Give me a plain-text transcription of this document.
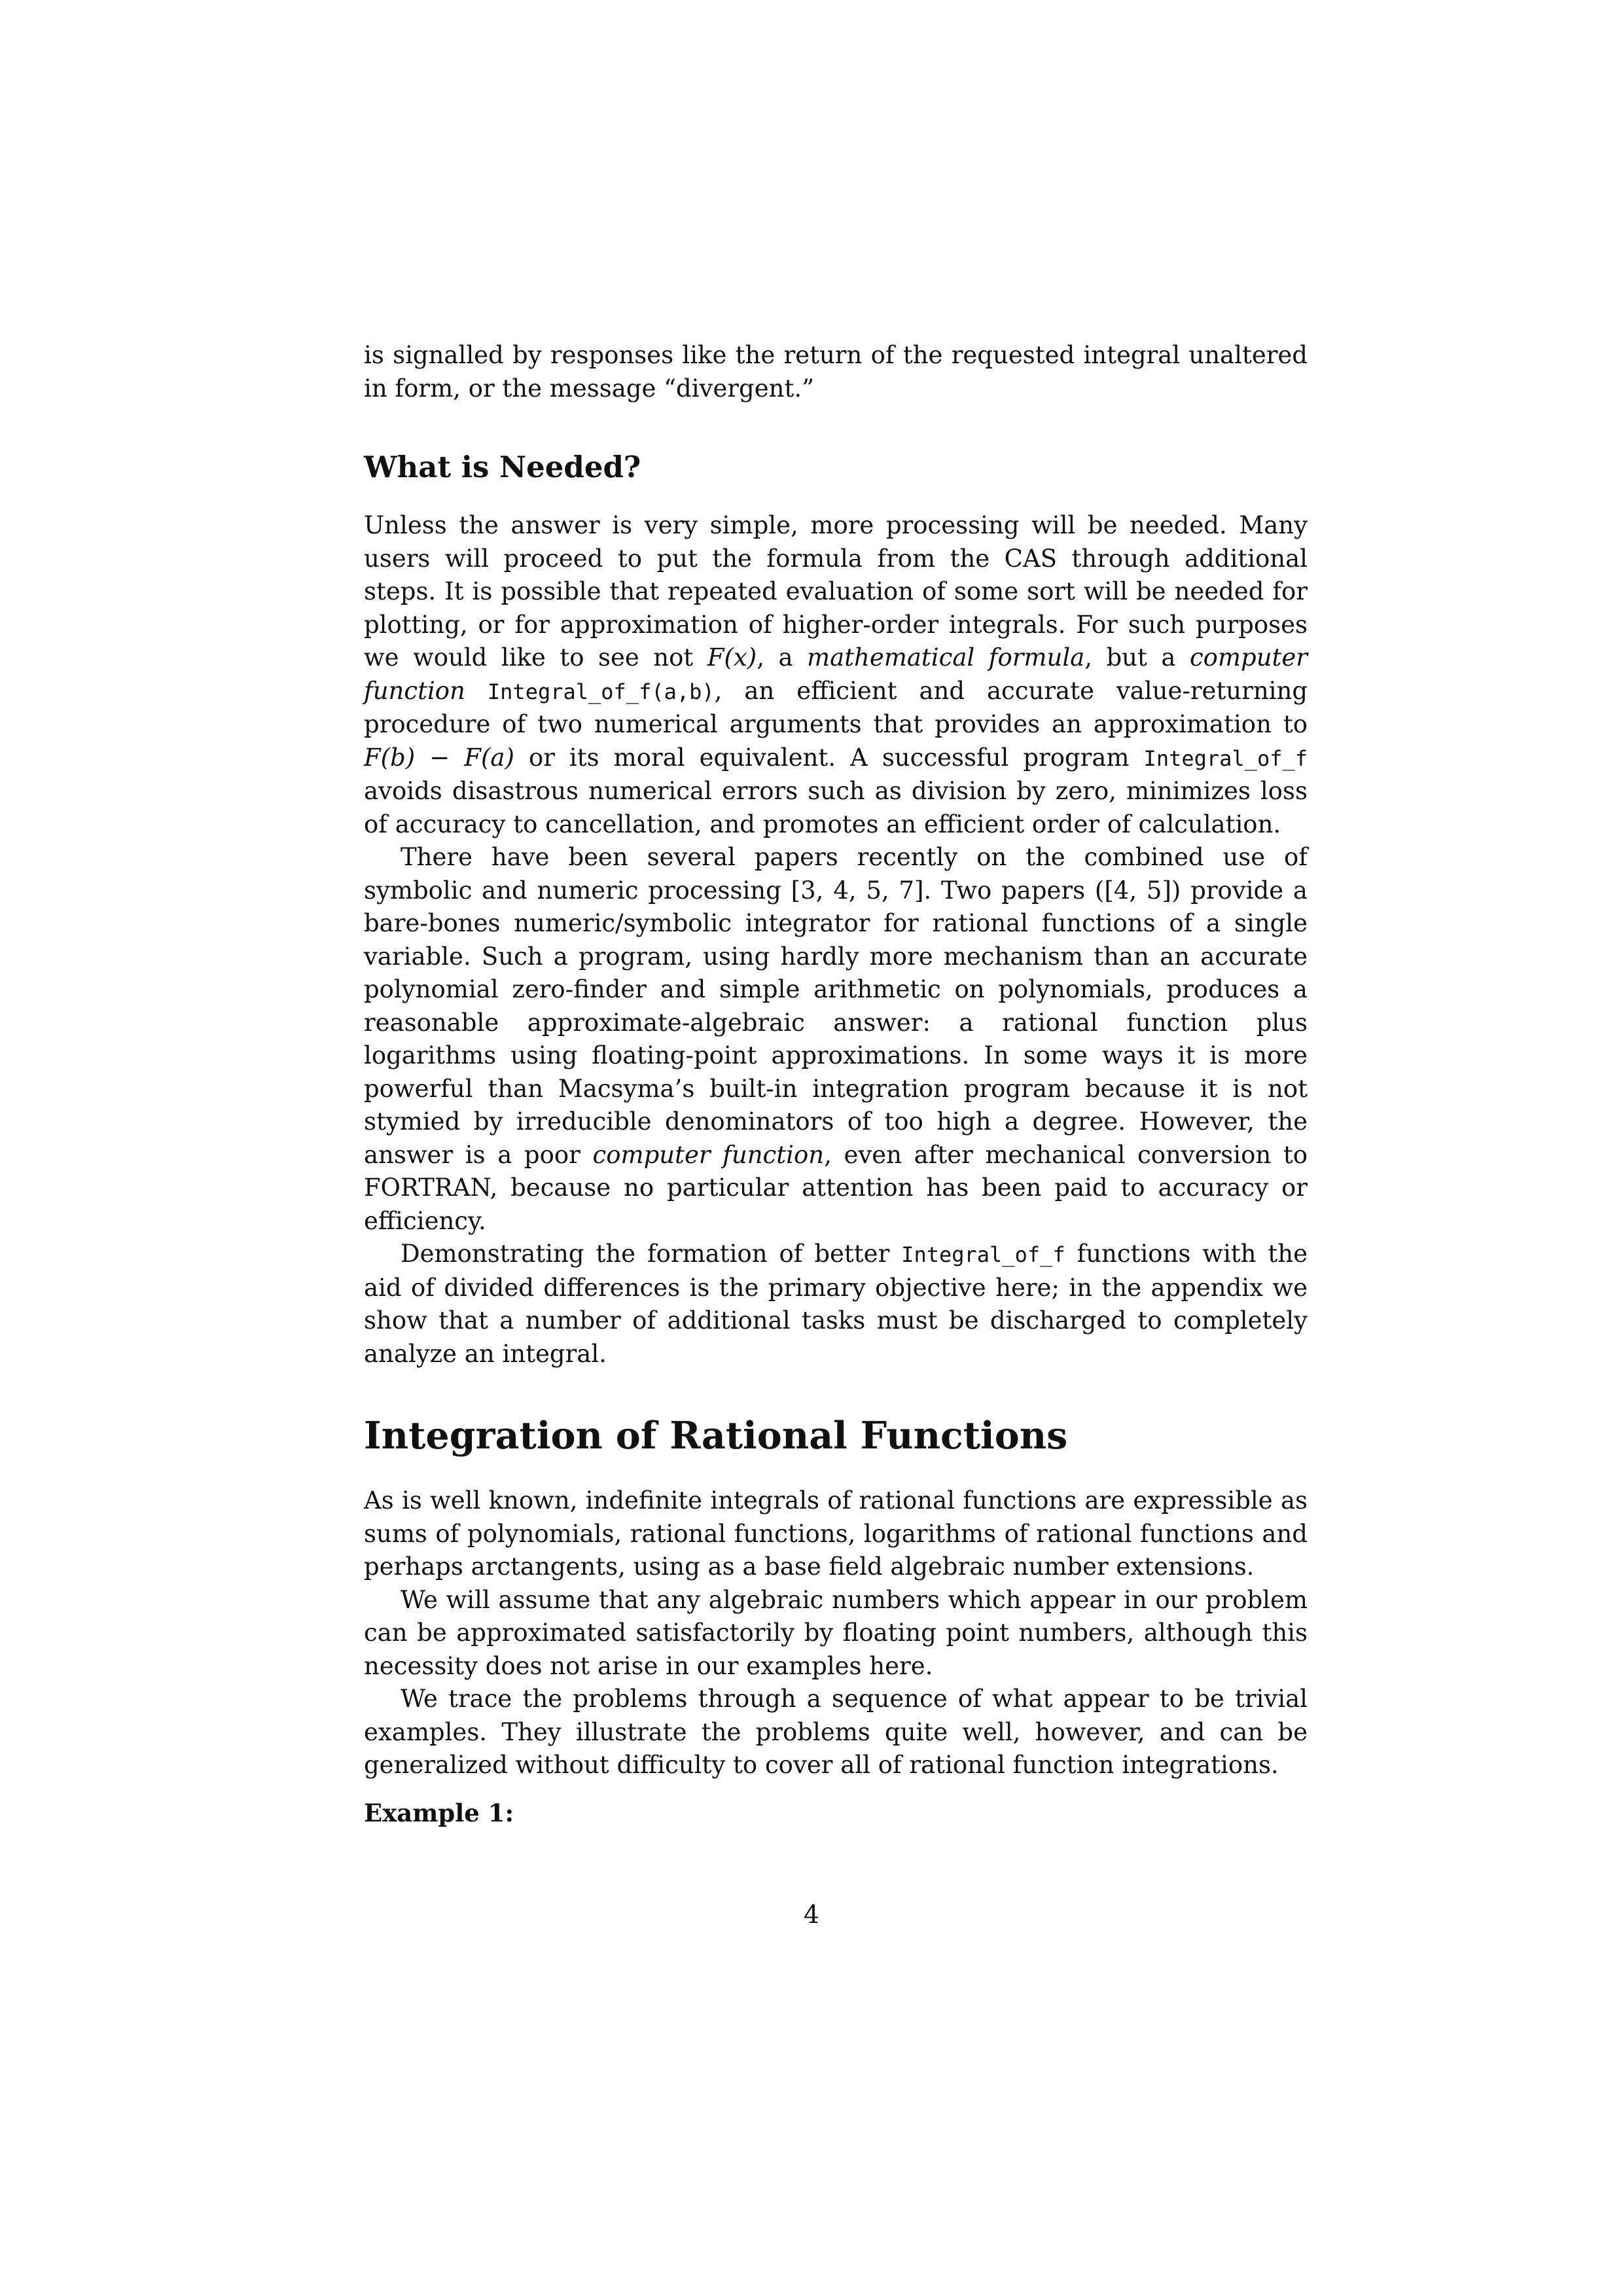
is signalled by responses like the return of the requested integral unaltered in form, or the message “divergent.”

What is Needed?

Unless the answer is very simple, more processing will be needed. Many users will proceed to put the formula from the CAS through additional steps. It is possible that repeated evaluation of some sort will be needed for plotting, or for approximation of higher-order integrals. For such purposes we would like to see not F(x), a mathematical formula, but a computer function Integral_of_f(a,b), an efficient and accurate value-returning procedure of two numerical arguments that provides an approximation to F(b) − F(a) or its moral equivalent. A successful program Integral_of_f avoids disastrous numerical errors such as division by zero, minimizes loss of accuracy to cancellation, and promotes an efficient order of calculation.

There have been several papers recently on the combined use of symbolic and numeric processing [3, 4, 5, 7]. Two papers ([4, 5]) provide a bare-bones numeric/symbolic integrator for rational functions of a single variable. Such a program, using hardly more mechanism than an accurate polynomial zero-finder and simple arithmetic on polynomials, produces a reasonable approximate-algebraic answer: a rational function plus logarithms using floating-point approximations. In some ways it is more powerful than Macsyma’s built-in integration program because it is not stymied by irreducible denominators of too high a degree. However, the answer is a poor computer function, even after mechanical conversion to FORTRAN, because no particular attention has been paid to accuracy or efficiency.

Demonstrating the formation of better Integral_of_f functions with the aid of divided differences is the primary objective here; in the appendix we show that a number of additional tasks must be discharged to completely analyze an integral.

Integration of Rational Functions

As is well known, indefinite integrals of rational functions are expressible as sums of polynomials, rational functions, logarithms of rational functions and perhaps arctangents, using as a base field algebraic number extensions.

We will assume that any algebraic numbers which appear in our problem can be approximated satisfactorily by floating point numbers, although this necessity does not arise in our examples here.

We trace the problems through a sequence of what appear to be trivial examples. They illustrate the problems quite well, however, and can be generalized without difficulty to cover all of rational function integrations.

Example 1:

4
